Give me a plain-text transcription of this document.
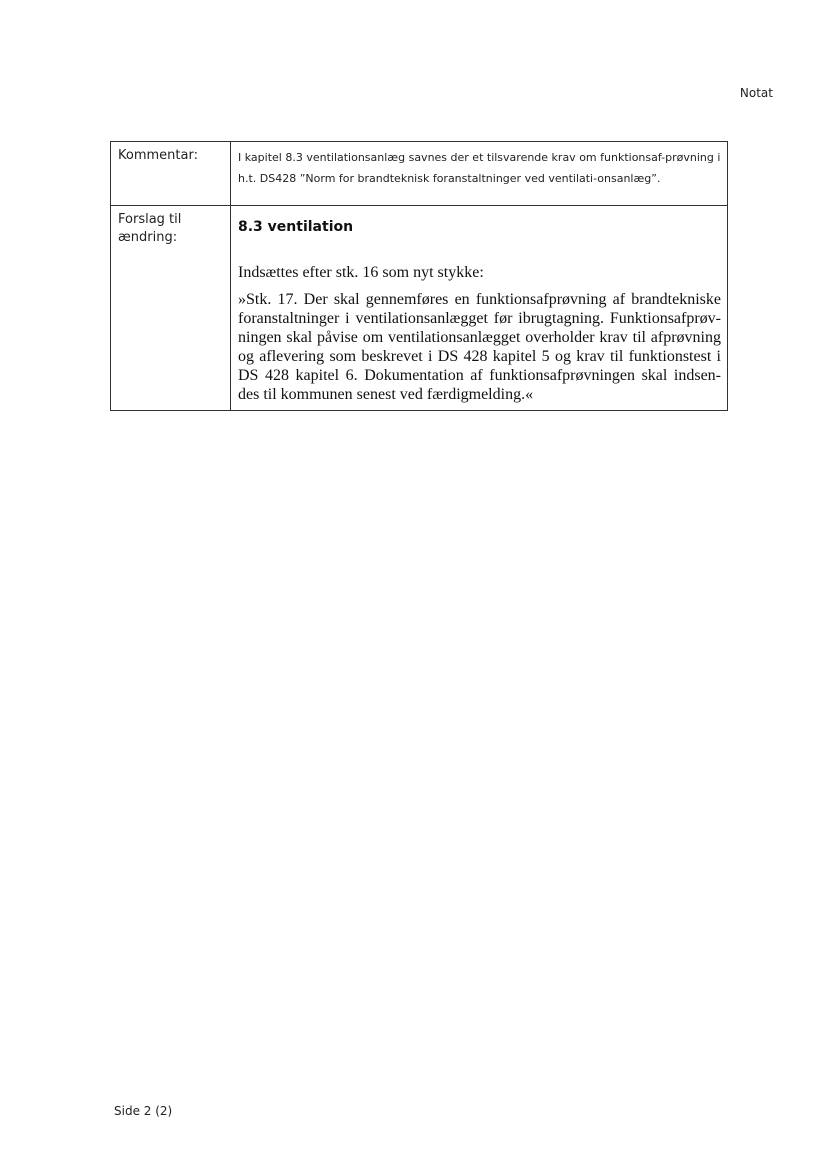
Notat
Kommentar:	I kapitel 8.3 ventilationsanlæg savnes der et tilsvarende krav om funktionsaf-prøvning i h.t. DS428 ”Norm for brandteknisk foranstaltninger ved ventilati-onsanlæg”.

Forslag til ændring:	8.3 ventilation

Indsættes efter stk. 16 som nyt stykke:

»Stk. 17. Der skal gennemføres en funktionsafprøvning af brandtekniske foranstaltninger i ventilationsanlægget før ibrugtagning. Funktionsafprøv-ningen skal påvise om ventilationsanlægget overholder krav til afprøvning og aflevering som beskrevet i DS 428 kapitel 5 og krav til funktionstest i DS 428 kapitel 6. Dokumentation af funktionsafprøvningen skal indsen-des til kommunen senest ved færdigmelding.«

Side 2 (2)
